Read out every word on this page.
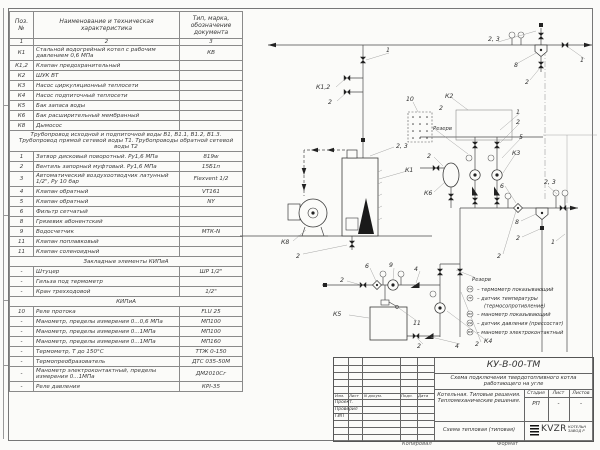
Поз. №	Наименование и техническая характеристика	Тип, марка, обозначение документа
1	2	3
К1	Стальной водогрейный котел с рабочим давлением 0,6 МПа	КВ
К1,2	Клапан предохранительный	
К2	ШУК ВТ	
К3	Насос циркуляционный теплосети	
К4	Насос подпиточный теплосети	
К5	Бак запаса воды	
К6	Бак расширительный мембранный	
К8	Дымосос	
Трубопровод исходной и подпиточной воды В1, В1.1, В1.2, В1.3. Трубопровод прямой сетевой воды Т1. Трубопроводы обратной сетевой воды Т2		
1	Затвор дисковый поворотный. Ру1,6 МПа	819w
2	Вентиль запорный муфтовый. Ру1,6 МПа	15Б1п
3	Автоматический воздухоотводчик латунный 1/2", Ру 10 бар	Flexvent 1/2
4	Клапан обратный	VT161
5	Клапан обратный	NY
6	Фильтр сетчатый	
8	Грязевик абонентский	
9	Водосчетчик	МТК-N
11	Клапан поплавковый	
11	Клапан соленоидный	
Закладные элементы КИПиА		
-	Штуцер	ШР 1/2"
-	Гильза под термометр	
-	Кран трехходовой	1/2"
КИПиА		
10	Реле протока	FLU 25
-	Манометр, пределы измерения 0...0,6 МПа	МП100
-	Манометр, пределы измерения 0...1МПа	МП100
-	Манометр, пределы измерения 0...1МПа	МП160
-	Термометр, Т до 150°С	ТТЖ 0-150
-	Термопреобразователь	ДТС 035-50М
-	Манометр электроконтактный, пределы измерения 0...1МПа	ДМ2010Сг
-	Реле давления	КРI-35
2, 3
8
2
1
1
К1,2
2
2, 3
К1
К8
2
10	К2
Резерв
2
1
2
5
К3
2
К6
6
2, 3
8
2
1
2
6	9
4
2
К5
11
2	4	2 К4
Резерв
ТП – термометр показывающий
ТЕ – датчик температуры
(термосопротивление)
МП – манометр показывающий
РД – датчик давления (прессостат)
МЭ – манометр электроконтактный
Изм. Лист N докум.	Подп. Дата
Проект.
Проверил
ГИП
КУ-В-00-ТМ
Схема подключения твердотопливного котла работающего на угле
Котельная. Типовые решения. Тепломеханические решения.
Стадия	Лист	Листов
РП	-	-
Схема тепловая (типовая)	KVZR КОТЕЛЬН
ЗАВОД Р
Копировал	Формат
